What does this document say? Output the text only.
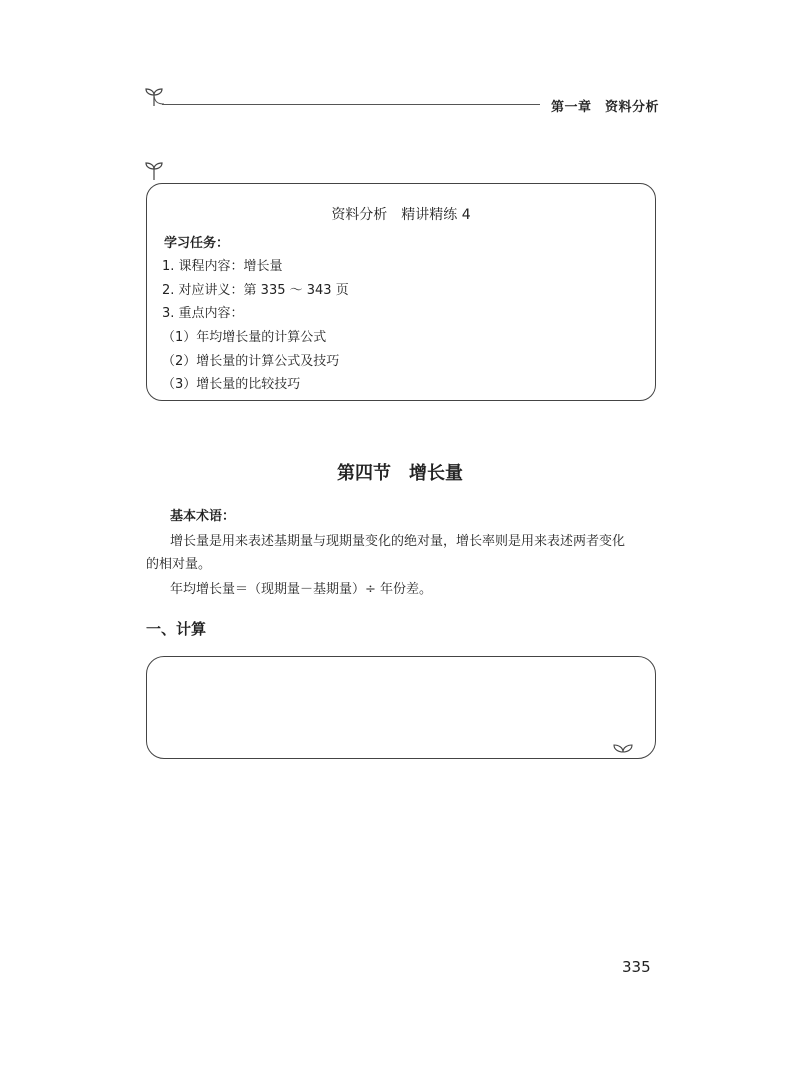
第一章　资料分析
资料分析　精讲精练 4
学习任务：
1. 课程内容：增长量
2. 对应讲义：第 335 ～ 343 页
3. 重点内容：
（1）年均增长量的计算公式
（2）增长量的计算公式及技巧
（3）增长量的比较技巧
第四节　增长量
基本术语：
增长量是用来表述基期量与现期量变化的绝对量，增长率则是用来表述两者变化
的相对量。
年均增长量＝（现期量－基期量）÷ 年份差。
一、计算
335
